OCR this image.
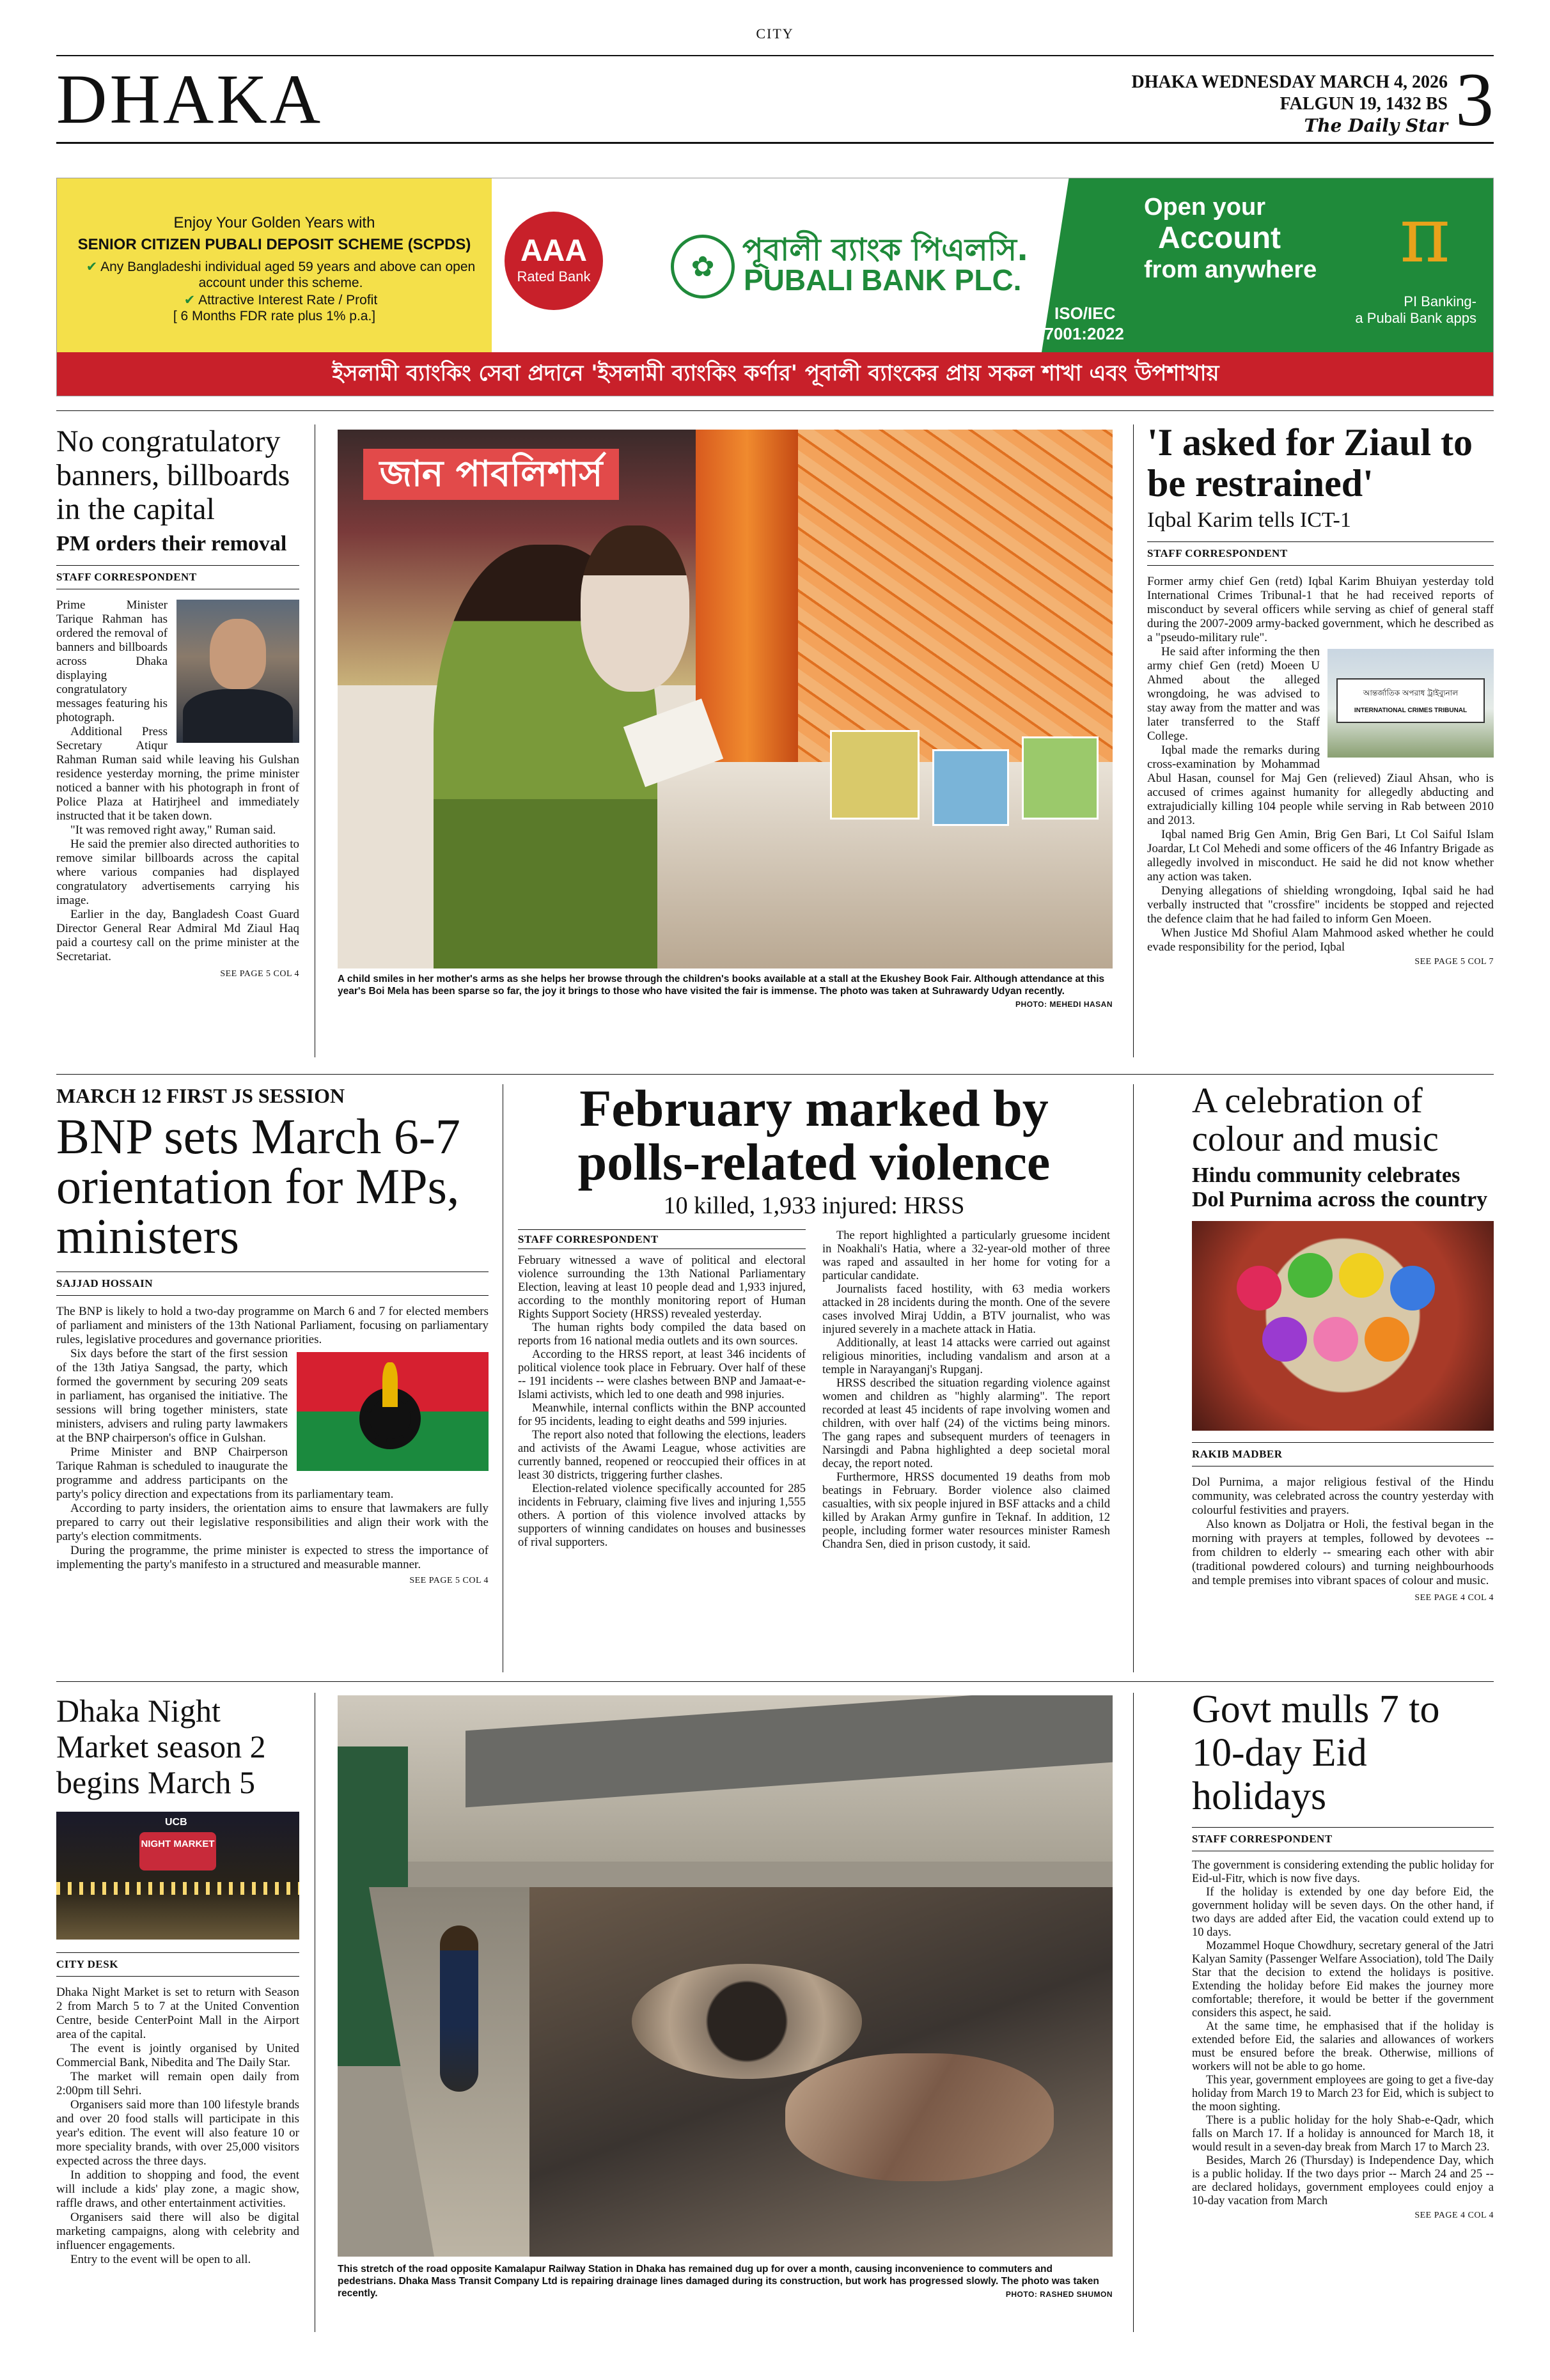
CITY
DHAKA	DHAKA WEDNESDAY MARCH 4, 2026
FALGUN 19, 1432 BS
The Daily Star 3
Enjoy Your Golden Years with
SENIOR CITIZEN PUBALI DEPOSIT SCHEME (SCPDS)
✔ Any Bangladeshi individual aged 59 years and above can open account under this scheme.
✔ Attractive Interest Rate / Profit
[ 6 Months FDR rate plus 1% p.a.]
AAA
Rated Bank	✿ পূবালী ব্যাংক পিএলসি.
PUBALI BANK PLC.
ISO/IEC
27001:2022
Open your
Account
from anywhere π
PI Banking-
a Pubali Bank apps
ইসলামী ব্যাংকিং সেবা প্রদানে 'ইসলামী ব্যাংকিং কর্ণার' পূবালী ব্যাংকের প্রায় সকল শাখা এবং উপশাখায়
No congratulatory banners, billboards in the capital
PM orders their removal
STAFF CORRESPONDENT

Prime Minister Tarique Rahman has ordered the removal of banners and billboards across Dhaka displaying congratulatory messages featuring his photograph.

Additional Press Secretary Atiqur Rahman Ruman said while leaving his Gulshan residence yesterday morning, the prime minister noticed a banner with his photograph in front of Police Plaza at Hatirjheel and immediately instructed that it be taken down.

"It was removed right away," Ruman said.

He said the premier also directed authorities to remove similar billboards across the capital where various companies had displayed congratulatory advertisements carrying his image.

Earlier in the day, Bangladesh Coast Guard Director General Rear Admiral Md Ziaul Haq paid a courtesy call on the prime minister at the Secretariat.

SEE PAGE 5 COL 4
জান পাবলিশার্স
A child smiles in her mother's arms as she helps her browse through the children's books available at a stall at the Ekushey Book Fair. Although attendance at this year's Boi Mela has been sparse so far, the joy it brings to those who have visited the fair is immense. The photo was taken at Suhrawardy Udyan recently.
PHOTO: MEHEDI HASAN
'I asked for Ziaul to be restrained'
Iqbal Karim tells ICT-1
STAFF CORRESPONDENT

Former army chief Gen (retd) Iqbal Karim Bhuiyan yesterday told International Crimes Tribunal-1 that he had received reports of misconduct by several officers while serving as chief of general staff during the 2007-2009 army-backed government, which he described as a "pseudo-military rule".

আন্তর্জাতিক অপরাধ ট্রাইব্যুনাল
INTERNATIONAL CRIMES TRIBUNAL

He said after informing the then army chief Gen (retd) Moeen U Ahmed about the alleged wrongdoing, he was advised to stay away from the matter and was later transferred to the Staff College.

Iqbal made the remarks during cross-examination by Mohammad Abul Hasan, counsel for Maj Gen (relieved) Ziaul Ahsan, who is accused of crimes against humanity for allegedly abducting and extrajudicially killing 104 people while serving in Rab between 2010 and 2013.

Iqbal named Brig Gen Amin, Brig Gen Bari, Lt Col Saiful Islam Joardar, Lt Col Mehedi and some officers of the 46 Infantry Brigade as allegedly involved in misconduct. He said he did not know whether any action was taken.

Denying allegations of shielding wrongdoing, Iqbal said he had verbally instructed that "crossfire" incidents be stopped and rejected the defence claim that he had failed to inform Gen Moeen.

When Justice Md Shofiul Alam Mahmood asked whether he could evade responsibility for the period, Iqbal

SEE PAGE 5 COL 7
MARCH 12 FIRST JS SESSION
BNP sets March 6-7 orientation for MPs, ministers
SAJJAD HOSSAIN

The BNP is likely to hold a two-day programme on March 6 and 7 for elected members of parliament and ministers of the 13th National Parliament, focusing on parliamentary rules, legislative procedures and governance priorities.

Six days before the start of the first session of the 13th Jatiya Sangsad, the party, which formed the government by securing 209 seats in parliament, has organised the initiative. The sessions will bring together ministers, state ministers, advisers and ruling party lawmakers at the BNP chairperson's office in Gulshan.

Prime Minister and BNP Chairperson Tarique Rahman is scheduled to inaugurate the programme and address participants on the party's policy direction and expectations from its parliamentary team.

According to party insiders, the orientation aims to ensure that lawmakers are fully prepared to carry out their legislative responsibilities and align their work with the party's election commitments.

During the programme, the prime minister is expected to stress the importance of implementing the party's manifesto in a structured and measurable manner.

SEE PAGE 5 COL 4
February marked by polls-related violence
10 killed, 1,933 injured: HRSS
STAFF CORRESPONDENT

February witnessed a wave of political and electoral violence surrounding the 13th National Parliamentary Election, leaving at least 10 people dead and 1,933 injured, according to the monthly monitoring report of Human Rights Support Society (HRSS) revealed yesterday.

The human rights body compiled the data based on reports from 16 national media outlets and its own sources.

According to the HRSS report, at least 346 incidents of political violence took place in February. Over half of these -- 191 incidents -- were clashes between BNP and Jamaat-e-Islami activists, which led to one death and 998 injuries.

Meanwhile, internal conflicts within the BNP accounted for 95 incidents, leading to eight deaths and 599 injuries.

The report also noted that following the elections, leaders and activists of the Awami League, whose activities are currently banned, reopened or reoccupied their offices in at least 30 districts, triggering further clashes.

Election-related violence specifically accounted for 285 incidents in February, claiming five lives and injuring 1,555 others. A portion of this violence involved attacks by supporters of winning candidates on houses and businesses of rival supporters.

The report highlighted a particularly gruesome incident in Noakhali's Hatia, where a 32-year-old mother of three was raped and assaulted in her home for voting for a particular candidate.

Journalists faced hostility, with 63 media workers attacked in 28 incidents during the month. One of the severe cases involved Miraj Uddin, a BTV journalist, who was injured severely in a machete attack in Hatia.

Additionally, at least 14 attacks were carried out against religious minorities, including vandalism and arson at a temple in Narayanganj's Rupganj.

HRSS described the situation regarding violence against women and children as "highly alarming". The report recorded at least 45 incidents of rape involving women and children, with over half (24) of the victims being minors. The gang rapes and subsequent murders of teenagers in Narsingdi and Pabna highlighted a deep societal moral decay, the report noted.

Furthermore, HRSS documented 19 deaths from mob beatings in February. Border violence also claimed casualties, with six people injured in BSF attacks and a child killed by Arakan Army gunfire in Teknaf. In addition, 12 people, including former water resources minister Ramesh Chandra Sen, died in prison custody, it said.

A celebration of colour and music
Hindu community celebrates Dol Purnima across the country
RAKIB MADBER

Dol Purnima, a major religious festival of the Hindu community, was celebrated across the country yesterday with colourful festivities and prayers.

Also known as Doljatra or Holi, the festival began in the morning with prayers at temples, followed by devotees -- from children to elderly -- smearing each other with abir (traditional powdered colours) and turning neighbourhoods and temple premises into vibrant spaces of colour and music.

SEE PAGE 4 COL 4
Dhaka Night Market season 2 begins March 5
UCB
NIGHT MARKET
CITY DESK

Dhaka Night Market is set to return with Season 2 from March 5 to 7 at the United Convention Centre, beside CenterPoint Mall in the Airport area of the capital.

The event is jointly organised by United Commercial Bank, Nibedita and The Daily Star.

The market will remain open daily from 2:00pm till Sehri.

Organisers said more than 100 lifestyle brands and over 20 food stalls will participate in this year's edition. The event will also feature 10 or more speciality brands, with over 25,000 visitors expected across the three days.

In addition to shopping and food, the event will include a kids' play zone, a magic show, raffle draws, and other entertainment activities.

Organisers said there will also be digital marketing campaigns, along with celebrity and influencer engagements.

Entry to the event will be open to all.

This stretch of the road opposite Kamalapur Railway Station in Dhaka has remained dug up for over a month, causing inconvenience to commuters and pedestrians. Dhaka Mass Transit Company Ltd is repairing drainage lines damaged during its construction, but work has progressed slowly. The photo was taken recently.	PHOTO: RASHED SHUMON
Govt mulls 7 to 10-day Eid holidays
STAFF CORRESPONDENT

The government is considering extending the public holiday for Eid-ul-Fitr, which is now five days.

If the holiday is extended by one day before Eid, the government holiday will be seven days. On the other hand, if two days are added after Eid, the vacation could extend up to 10 days.

Mozammel Hoque Chowdhury, secretary general of the Jatri Kalyan Samity (Passenger Welfare Association), told The Daily Star that the decision to extend the holidays is positive. Extending the holiday before Eid makes the journey more comfortable; therefore, it would be better if the government considers this aspect, he said.

At the same time, he emphasised that if the holiday is extended before Eid, the salaries and allowances of workers must be ensured before the break. Otherwise, millions of workers will not be able to go home.

This year, government employees are going to get a five-day holiday from March 19 to March 23 for Eid, which is subject to the moon sighting.

There is a public holiday for the holy Shab-e-Qadr, which falls on March 17. If a holiday is announced for March 18, it would result in a seven-day break from March 17 to March 23.

Besides, March 26 (Thursday) is Independence Day, which is a public holiday. If the two days prior -- March 24 and 25 -- are declared holidays, government employees could enjoy a 10-day vacation from March

SEE PAGE 4 COL 4
